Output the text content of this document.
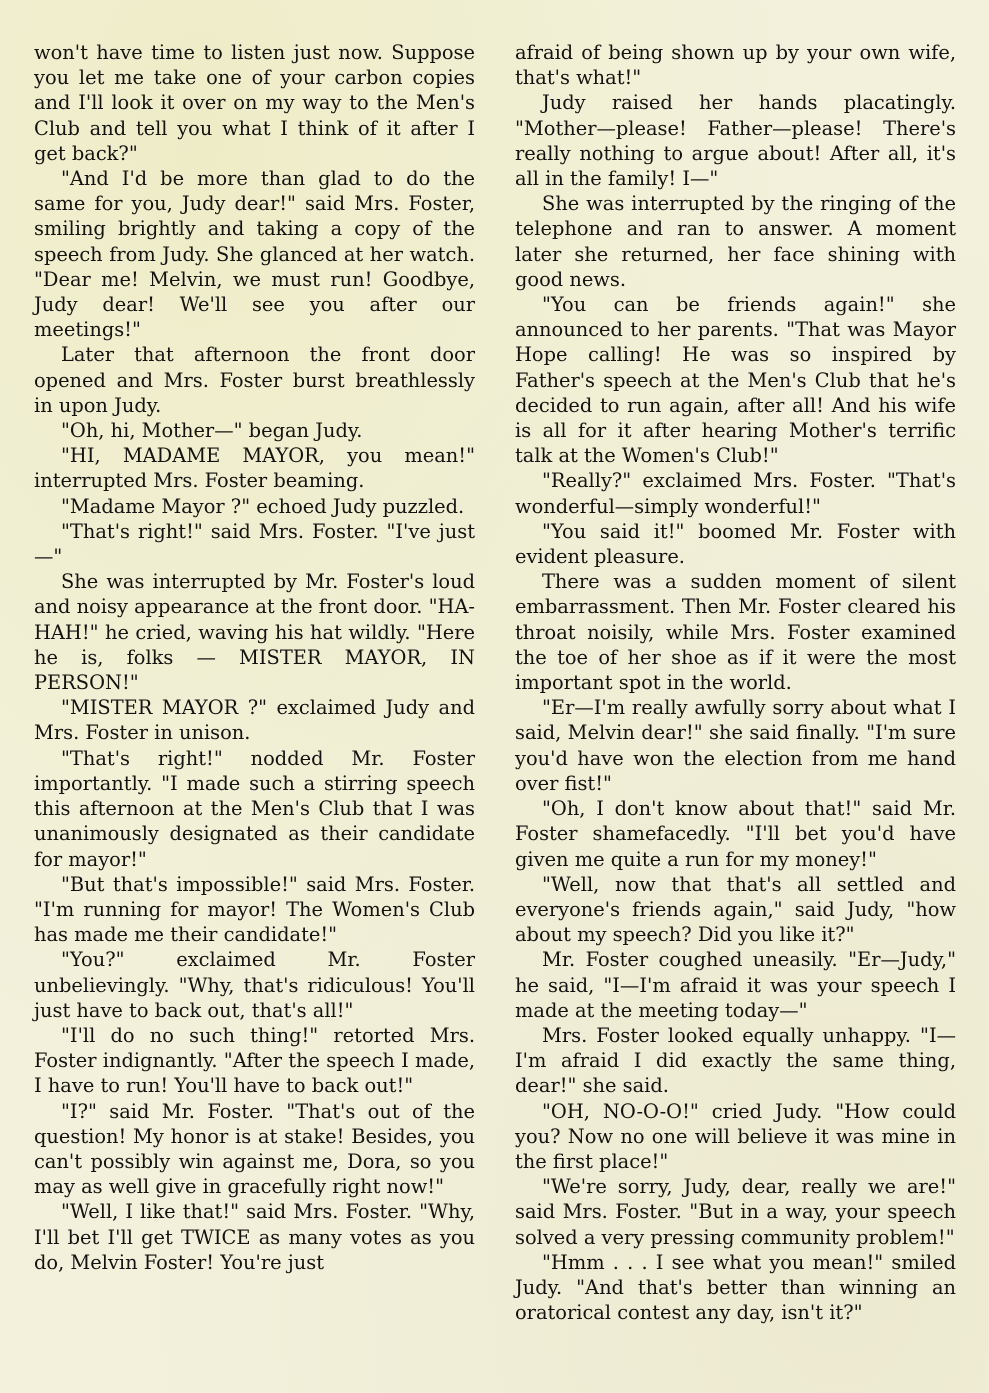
won't have time to listen just now. Suppose you let me take one of your carbon copies and I'll look it over on my way to the Men's Club and tell you what I think of it after I get back?"

"And I'd be more than glad to do the same for you, Judy dear!" said Mrs. Foster, smiling brightly and taking a copy of the speech from Judy. She glanced at her watch. "Dear me! Melvin, we must run! Goodbye, Judy dear! We'll see you after our meetings!"

Later that afternoon the front door opened and Mrs. Foster burst breathlessly in upon Judy.

"Oh, hi, Mother—" began Judy.

"HI, MADAME MAYOR, you mean!" interrupted Mrs. Foster beaming.

"Madame Mayor ?" echoed Judy puzzled.

"That's right!" said Mrs. Foster. "I've just—"

She was interrupted by Mr. Foster's loud and noisy appearance at the front door. "HA-HAH!" he cried, waving his hat wildly. "Here he is, folks — MISTER MAYOR, IN PERSON!"

"MISTER MAYOR ?" exclaimed Judy and Mrs. Foster in unison.

"That's right!" nodded Mr. Foster importantly. "I made such a stirring speech this afternoon at the Men's Club that I was unanimously designated as their candidate for mayor!"

"But that's impossible!" said Mrs. Foster. "I'm running for mayor! The Women's Club has made me their candidate!"

"You?" exclaimed Mr. Foster unbelievingly. "Why, that's ridiculous! You'll just have to back out, that's all!"

"I'll do no such thing!" retorted Mrs. Foster indignantly. "After the speech I made, I have to run! You'll have to back out!"

"I?" said Mr. Foster. "That's out of the question! My honor is at stake! Besides, you can't possibly win against me, Dora, so you may as well give in gracefully right now!"

"Well, I like that!" said Mrs. Foster. "Why, I'll bet I'll get TWICE as many votes as you do, Melvin Foster! You're just

afraid of being shown up by your own wife, that's what!"

Judy raised her hands placatingly. "Mother—please! Father—please! There's really nothing to argue about! After all, it's all in the family! I—"

She was interrupted by the ringing of the telephone and ran to answer. A moment later she returned, her face shining with good news.

"You can be friends again!" she announced to her parents. "That was Mayor Hope calling! He was so inspired by Father's speech at the Men's Club that he's decided to run again, after all! And his wife is all for it after hearing Mother's terrific talk at the Women's Club!"

"Really?" exclaimed Mrs. Foster. "That's wonderful—simply wonderful!"

"You said it!" boomed Mr. Foster with evident pleasure.

There was a sudden moment of silent embarrassment. Then Mr. Foster cleared his throat noisily, while Mrs. Foster examined the toe of her shoe as if it were the most important spot in the world.

"Er—I'm really awfully sorry about what I said, Melvin dear!" she said finally. "I'm sure you'd have won the election from me hand over fist!"

"Oh, I don't know about that!" said Mr. Foster shamefacedly. "I'll bet you'd have given me quite a run for my money!"

"Well, now that that's all settled and everyone's friends again," said Judy, "how about my speech? Did you like it?"

Mr. Foster coughed uneasily. "Er—Judy," he said, "I—I'm afraid it was your speech I made at the meeting today—"

Mrs. Foster looked equally unhappy. "I—I'm afraid I did exactly the same thing, dear!" she said.

"OH, NO-O-O!" cried Judy. "How could you? Now no one will believe it was mine in the first place!"

"We're sorry, Judy, dear, really we are!" said Mrs. Foster. "But in a way, your speech solved a very pressing community problem!"

"Hmm . . . I see what you mean!" smiled Judy. "And that's better than winning an oratorical contest any day, isn't it?"
